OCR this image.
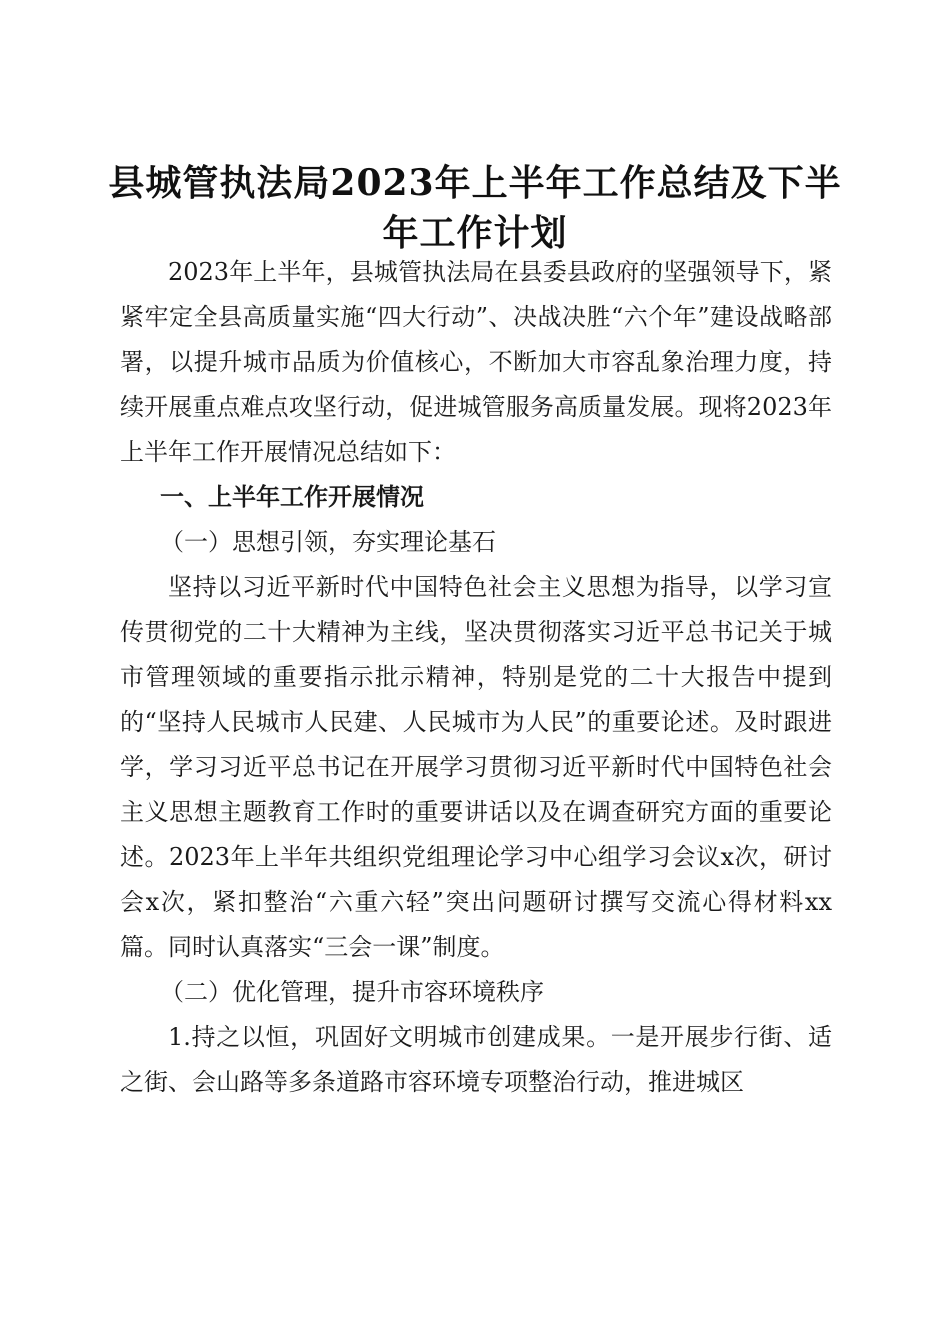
县城管执法局2023年上半年工作总结及下半年工作计划

2023年上半年，县城管执法局在县委县政府的坚强领导下，紧紧牢定全县高质量实施“四大行动”、决战决胜“六个年”建设战略部署，以提升城市品质为价值核心，不断加大市容乱象治理力度，持续开展重点难点攻坚行动，促进城管服务高质量发展。现将2023年上半年工作开展情况总结如下：

一、上半年工作开展情况
（一）思想引领，夯实理论基石

坚持以习近平新时代中国特色社会主义思想为指导，以学习宣传贯彻党的二十大精神为主线，坚决贯彻落实习近平总书记关于城市管理领域的重要指示批示精神，特别是党的二十大报告中提到的“坚持人民城市人民建、人民城市为人民”的重要论述。及时跟进学，学习习近平总书记在开展学习贯彻习近平新时代中国特色社会主义思想主题教育工作时的重要讲话以及在调查研究方面的重要论述。2023年上半年共组织党组理论学习中心组学习会议x次，研讨会x次，紧扣整治“六重六轻”突出问题研讨撰写交流心得材料xx篇。同时认真落实“三会一课”制度。

（二）优化管理，提升市容环境秩序

1.持之以恒，巩固好文明城市创建成果。一是开展步行街、适之街、会山路等多条道路市容环境专项整治行动，推进城区
